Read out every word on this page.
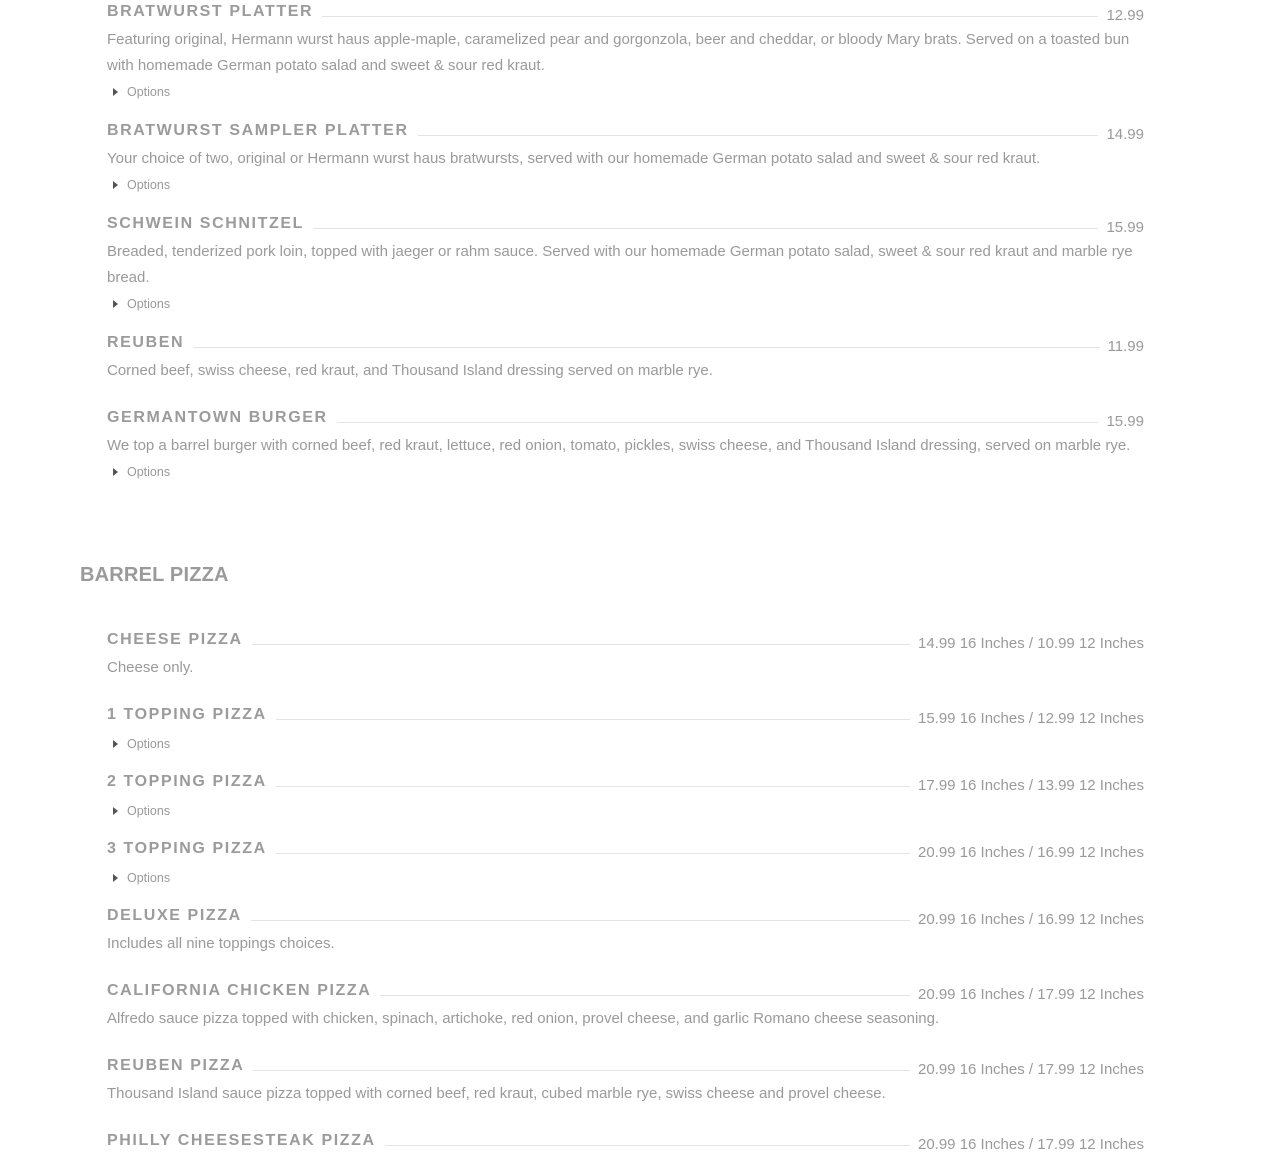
BRATWURST PLATTER	12.99
Featuring original, Hermann wurst haus apple-maple, caramelized pear and gorgonzola, beer and cheddar, or bloody Mary brats. Served on a toasted bun with homemade German potato salad and sweet & sour red kraut.
Options
BRATWURST SAMPLER PLATTER	14.99
Your choice of two, original or Hermann wurst haus bratwursts, served with our homemade German potato salad and sweet & sour red kraut.
Options
SCHWEIN SCHNITZEL	15.99
Breaded, tenderized pork loin, topped with jaeger or rahm sauce. Served with our homemade German potato salad, sweet & sour red kraut and marble rye bread.
Options
REUBEN	11.99
Corned beef, swiss cheese, red kraut, and Thousand Island dressing served on marble rye.
GERMANTOWN BURGER	15.99
We top a barrel burger with corned beef, red kraut, lettuce, red onion, tomato, pickles, swiss cheese, and Thousand Island dressing, served on marble rye.
Options
BARREL PIZZA
CHEESE PIZZA	14.99 16 Inches / 10.99 12 Inches
Cheese only.
1 TOPPING PIZZA	15.99 16 Inches / 12.99 12 Inches
Options
2 TOPPING PIZZA	17.99 16 Inches / 13.99 12 Inches
Options
3 TOPPING PIZZA	20.99 16 Inches / 16.99 12 Inches
Options
DELUXE PIZZA	20.99 16 Inches / 16.99 12 Inches
Includes all nine toppings choices.
CALIFORNIA CHICKEN PIZZA	20.99 16 Inches / 17.99 12 Inches
Alfredo sauce pizza topped with chicken, spinach, artichoke, red onion, provel cheese, and garlic Romano cheese seasoning.
REUBEN PIZZA	20.99 16 Inches / 17.99 12 Inches
Thousand Island sauce pizza topped with corned beef, red kraut, cubed marble rye, swiss cheese and provel cheese.
PHILLY CHEESESTEAK PIZZA	20.99 16 Inches / 17.99 12 Inches
